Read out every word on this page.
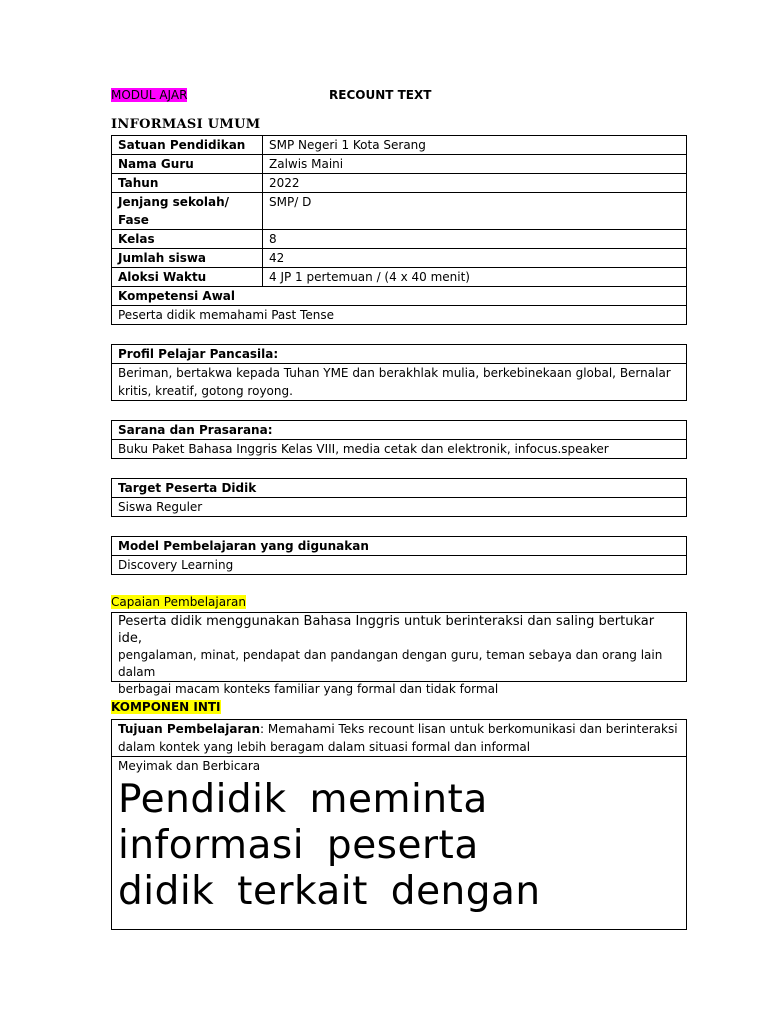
MODUL AJAR	RECOUNT TEXT
INFORMASI UMUM
Satuan Pendidikan	SMP Negeri 1 Kota Serang
Nama Guru	Zalwis Maini
Tahun	2022
Jenjang sekolah/ Fase	SMP/ D
Kelas	8
Jumlah siswa	42
Aloksi Waktu	4 JP 1 pertemuan / (4 x 40 menit)
Kompetensi Awal
Peserta didik memahami Past Tense
Profil Pelajar Pancasila:
Beriman, bertakwa kepada Tuhan YME dan berakhlak mulia, berkebinekaan global, Bernalar
kritis, kreatif, gotong royong.
Sarana dan Prasarana:
Buku Paket Bahasa Inggris Kelas VIII, media cetak dan elektronik, infocus.speaker
Target Peserta Didik
Siswa Reguler
Model Pembelajaran yang digunakan
Discovery Learning
Capaian Pembelajaran
Peserta didik menggunakan Bahasa Inggris untuk berinteraksi dan saling bertukar ide,
pengalaman, minat, pendapat dan pandangan dengan guru, teman sebaya dan orang lain dalam
berbagai macam konteks familiar yang formal dan tidak formal
KOMPONEN INTI
Tujuan Pembelajaran: Memahami Teks recount lisan untuk berkomunikasi dan berinteraksi
dalam kontek yang lebih beragam dalam situasi formal dan informal
Meyimak dan Berbicara
Pendidik meminta
informasi peserta
didik terkait dengan
